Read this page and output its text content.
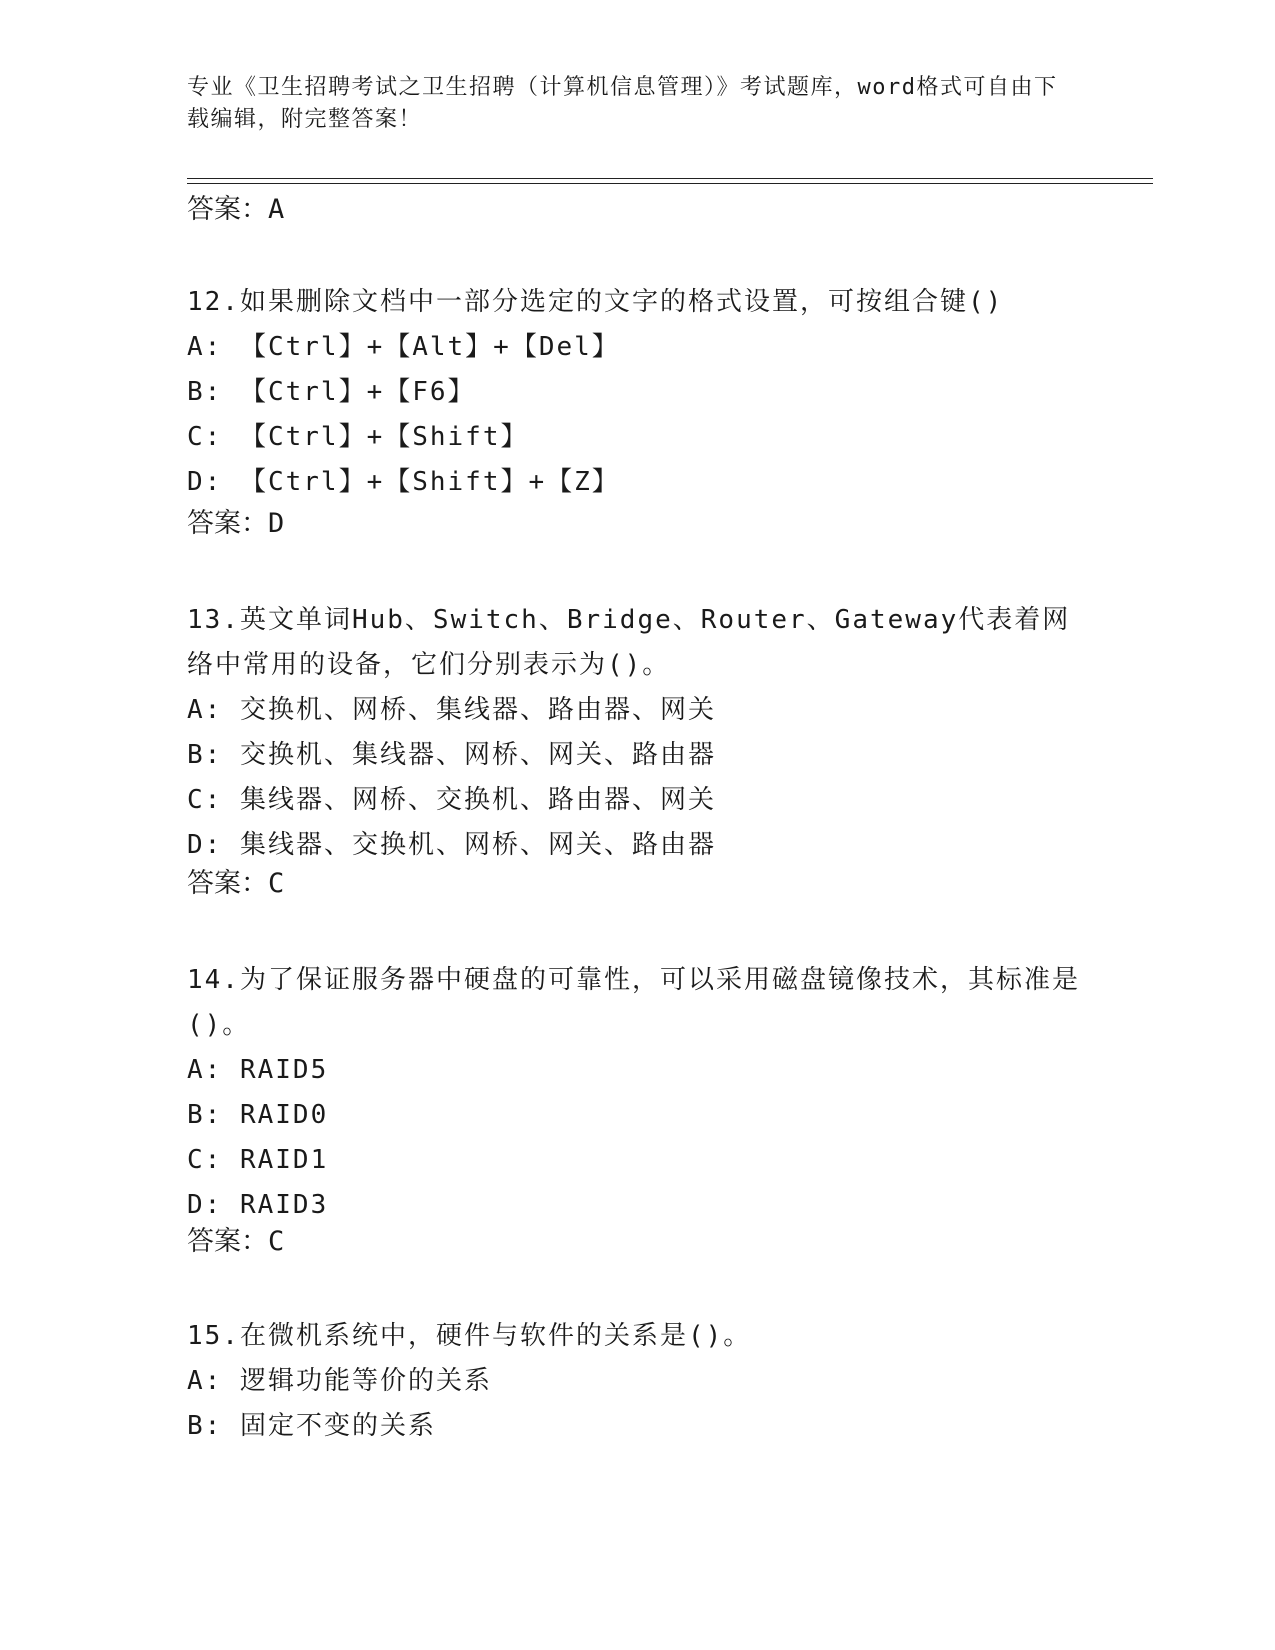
专业《卫生招聘考试之卫生招聘（计算机信息管理）》考试题库，word格式可自由下载编辑，附完整答案！
答案：A
12.如果删除文档中一部分选定的文字的格式设置，可按组合键()
A: 【Ctrl】+【Alt】+【Del】
B: 【Ctrl】+【F6】
C: 【Ctrl】+【Shift】
D: 【Ctrl】+【Shift】+【Z】
答案：D
13.英文单词Hub、Switch、Bridge、Router、Gateway代表着网络中常用的设备，它们分别表示为()。
A: 交换机、网桥、集线器、路由器、网关
B: 交换机、集线器、网桥、网关、路由器
C: 集线器、网桥、交换机、路由器、网关
D: 集线器、交换机、网桥、网关、路由器
答案：C
14.为了保证服务器中硬盘的可靠性，可以采用磁盘镜像技术，其标准是()。
A: RAID5
B: RAID0
C: RAID1
D: RAID3
答案：C
15.在微机系统中，硬件与软件的关系是()。
A: 逻辑功能等价的关系
B: 固定不变的关系
